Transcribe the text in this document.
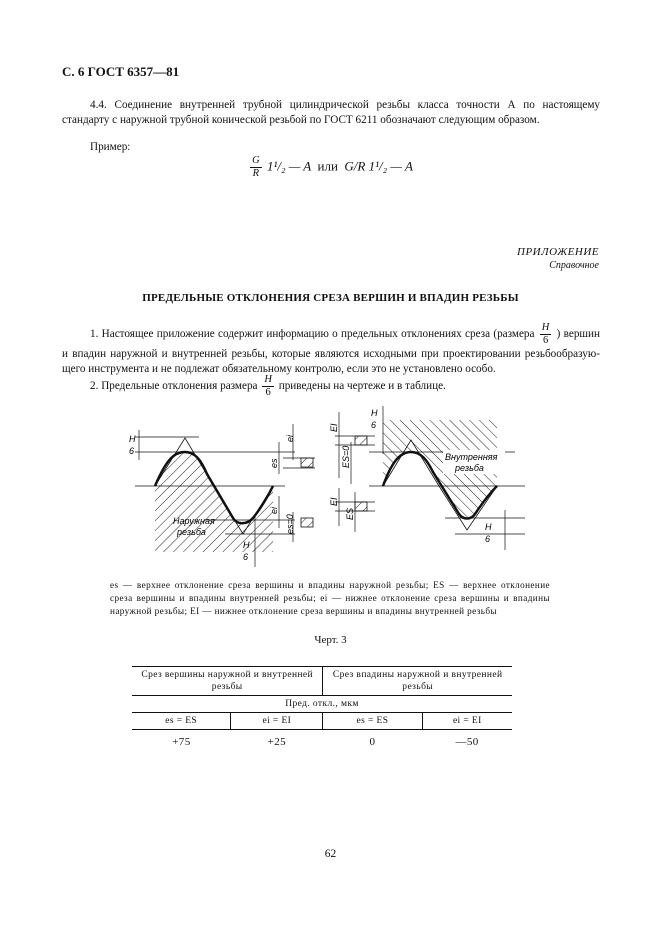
С. 6 ГОСТ 6357—81
4.4. Соединение внутренней трубной цилиндрической резьбы класса точности А по настоящему стандарту с наружной трубной конической резьбой по ГОСТ 6211 обозначают следующим образом.
Пример:
$\frac{G}{R} 1^1/_2$ — A или G/R 1¹/₂ — A
ПРИЛОЖЕНИЕ
Справочное
ПРЕДЕЛЬНЫЕ ОТКЛОНЕНИЯ СРЕЗА ВЕРШИН И ВПАДИН РЕЗЬБЫ
1. Настоящее приложение содержит информацию о предельных отклонениях среза (размера $\frac{H}{6}$ ) вершин и впадин наружной и внутренней резьбы, которые являются исходными при проектировании резьбообразующего инструмента и не подлежат обязательному контролю, если это не установлено особо.
2. Предельные отклонения размера $\frac{H}{6}$ приведены на чертеже и в таблице.
H
6
es
ei
ei
es=0
H
6
Наружная
резьба
EI
ES=0
EI
ES
H
6
H
6
Внутренняя
резьба
es — верхнее отклонение среза вершины и впадины наружной резьбы; ES — верхнее отклонение среза вершины и впадины внутренней резьбы; ei — нижнее отклонение среза вершины и впадины наружной резьбы; EI — нижнее отклонение среза вершины и впадины внутренней резьбы
Черт. 3
Срез вершины наружной и внутренней резьбы		Срез впадины наружной и внутренней резьбы	
Пред. откл., мкм			
es = ES	ei = EI	es = ES	ei = EI
+75	+25	0	—50
62
